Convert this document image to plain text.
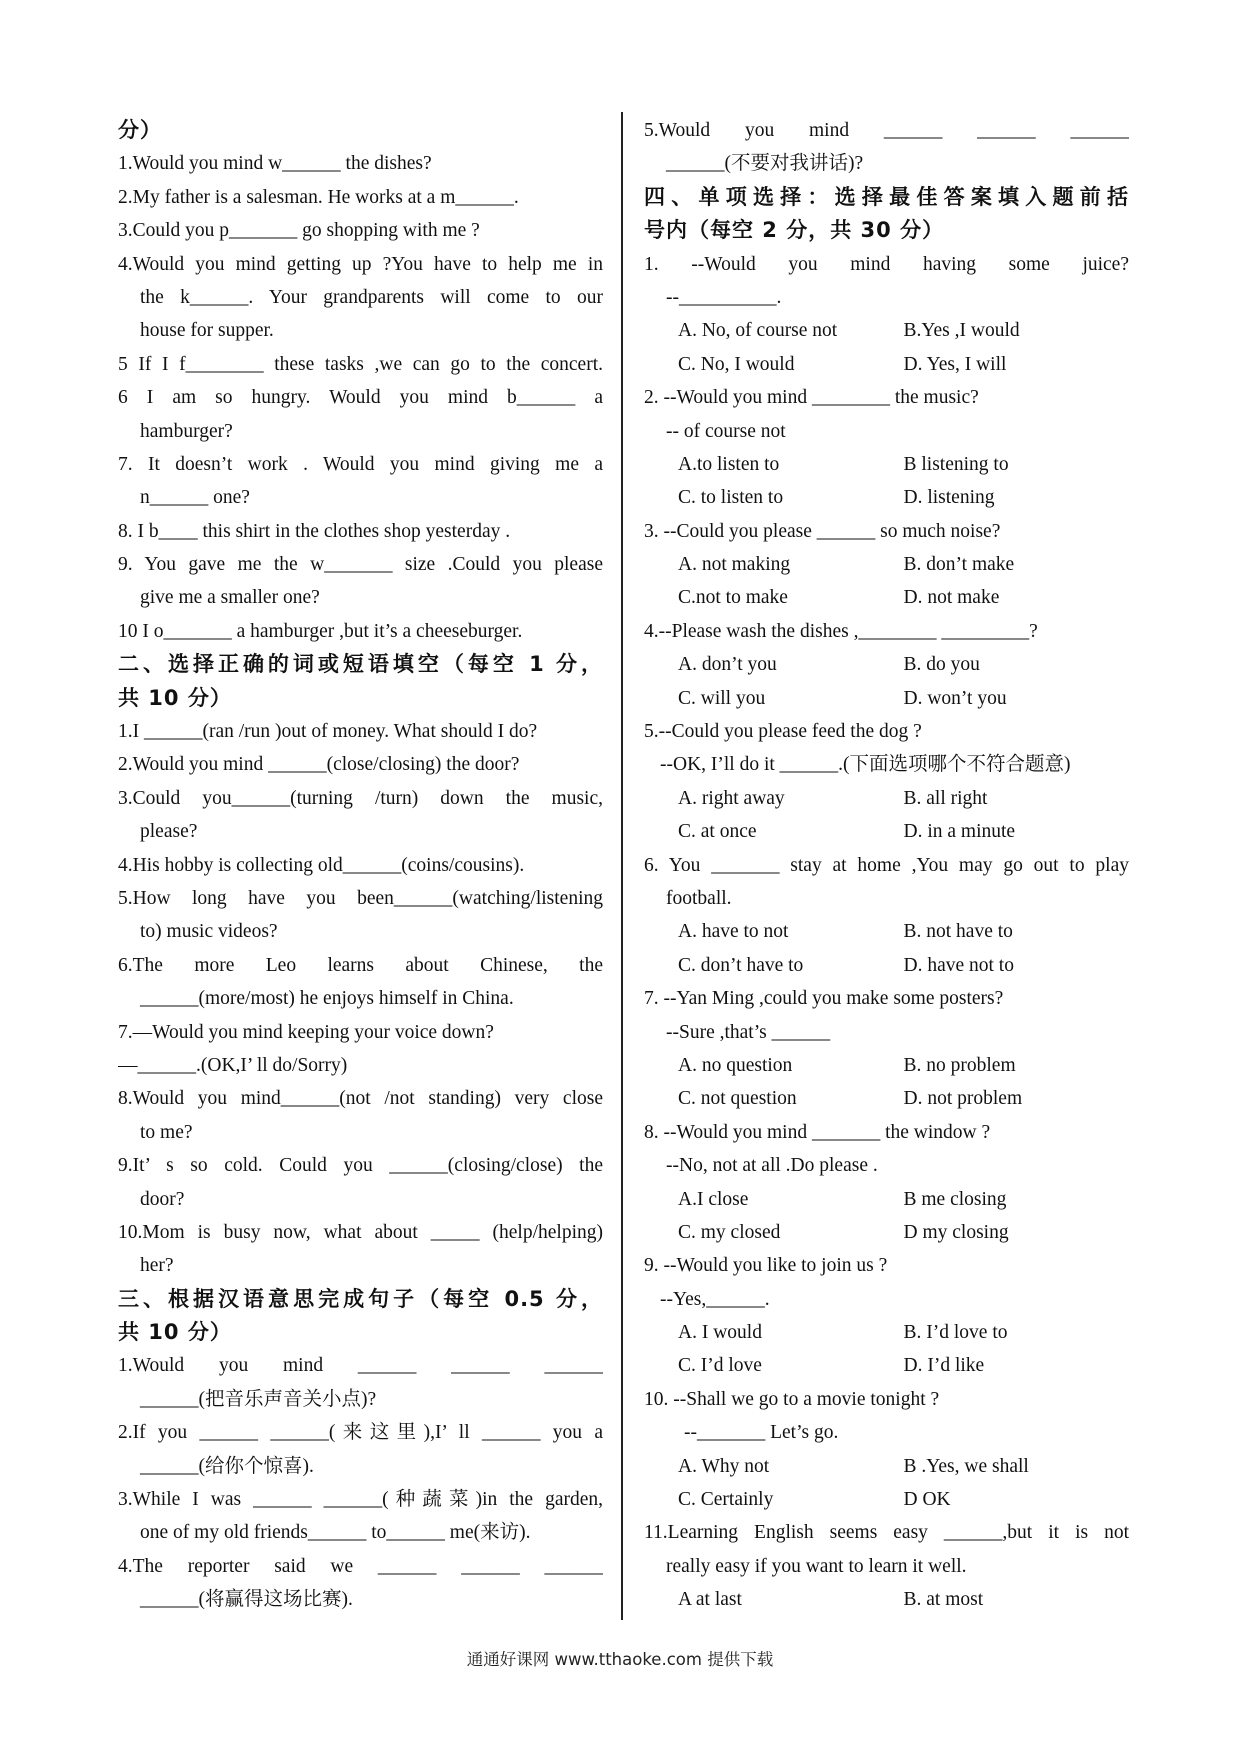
分）
1.Would you mind w______ the dishes?
2.My father is a salesman. He works at a m______.
3.Could you p_______ go shopping with me ?
4.Would you mind getting up ?You have to help me in
the k______. Your grandparents will come to our
house for supper.
5 If I f________ these tasks ,we can go to the concert.
6 I am so hungry. Would you mind b______ a
hamburger?
7. It doesn’t work . Would you mind giving me a
n______ one?
8. I b____ this shirt in the clothes shop yesterday .
9. You gave me the w_______ size .Could you please
give me a smaller one?
10 I o_______ a hamburger ,but it’s a cheeseburger.
二、选择正确的词或短语填空（每空 1 分，
共 10 分）
1.I ______(ran /run )out of money. What should I do?
2.Would you mind ______(close/closing) the door?
3.Could you______(turning /turn) down the music,
please?
4.His hobby is collecting old______(coins/cousins).
5.How long have you been______(watching/listening
to) music videos?
6.The more Leo learns about Chinese, the
______(more/most) he enjoys himself in China.
7.—Would you mind keeping your voice down?
—______.(OK,I’ ll do/Sorry)
8.Would you mind______(not /not standing) very close
to me?
9.It’ s so cold. Could you ______(closing/close) the
door?
10.Mom is busy now, what about _____ (help/helping)
her?
三、根据汉语意思完成句子（每空 0.5 分，
共 10 分）
1.Would you mind ______ ______ ______
______(把音乐声音关小点)?
2.If you ______ ______(来这里),I’ ll ______ you a
______(给你个惊喜).
3.While I was ______ ______(种蔬菜)in the garden,
one of my old friends______ to______ me(来访).
4.The reporter said we ______ ______ ______
______(将赢得这场比赛).
5.Would you mind ______ ______ ______
______(不要对我讲话)?
四、单项选择：选择最佳答案填入题前括
号内（每空 2 分，共 30 分）
1. --Would you mind having some juice?
--__________.
A. No, of course not	B.Yes ,I would
C. No, I would	D. Yes, I will
2. --Would you mind ________ the music?
-- of course not
A.to listen to	B listening to
C. to listen to	D. listening
3. --Could you please ______ so much noise?
A. not making	B. don’t make
C.not to make	D. not make
4.--Please wash the dishes ,________ _________?
A. don’t you	B. do you
C. will you	D. won’t you
5.--Could you please feed the dog ?
--OK, I’ll do it ______.(下面选项哪个不符合题意)
A. right away	B. all right
C. at once	D. in a minute
6. You _______ stay at home ,You may go out to play
football.
A. have to not	B. not have to
C. don’t have to	D. have not to
7. --Yan Ming ,could you make some posters?
--Sure ,that’s ______
A. no question	B. no problem
C. not question	D. not problem
8. --Would you mind _______ the window ?
--No, not at all .Do please .
A.I close	B me closing
C. my closed	D my closing
9. --Would you like to join us ?
--Yes,______.
A. I would	B. I’d love to
C. I’d love	D. I’d like
10. --Shall we go to a movie tonight ?
--_______ Let’s go.
A. Why not	B .Yes, we shall
C. Certainly	D OK
11.Learning English seems easy ______,but it is not
really easy if you want to learn it well.
A at last	B. at most
通通好课网 www.tthaoke.com 提供下载
